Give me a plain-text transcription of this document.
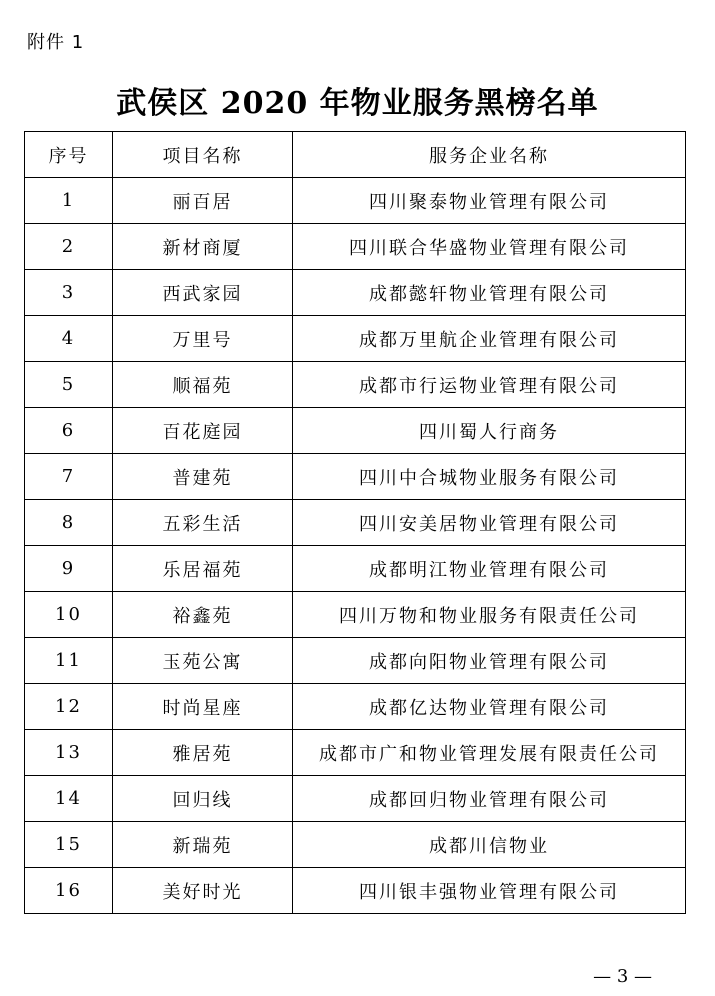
附件 1
武侯区 2020 年物业服务黑榜名单
序号	项目名称	服务企业名称
1	丽百居	四川聚泰物业管理有限公司
2	新材商厦	四川联合华盛物业管理有限公司
3	西武家园	成都懿轩物业管理有限公司
4	万里号	成都万里航企业管理有限公司
5	顺福苑	成都市行运物业管理有限公司
6	百花庭园	四川蜀人行商务
7	普建苑	四川中合城物业服务有限公司
8	五彩生活	四川安美居物业管理有限公司
9	乐居福苑	成都明江物业管理有限公司
10	裕鑫苑	四川万物和物业服务有限责任公司
11	玉苑公寓	成都向阳物业管理有限公司
12	时尚星座	成都亿达物业管理有限公司
13	雅居苑	成都市广和物业管理发展有限责任公司
14	回归线	成都回归物业管理有限公司
15	新瑞苑	成都川信物业
16	美好时光	四川银丰强物业管理有限公司
— 3 —
